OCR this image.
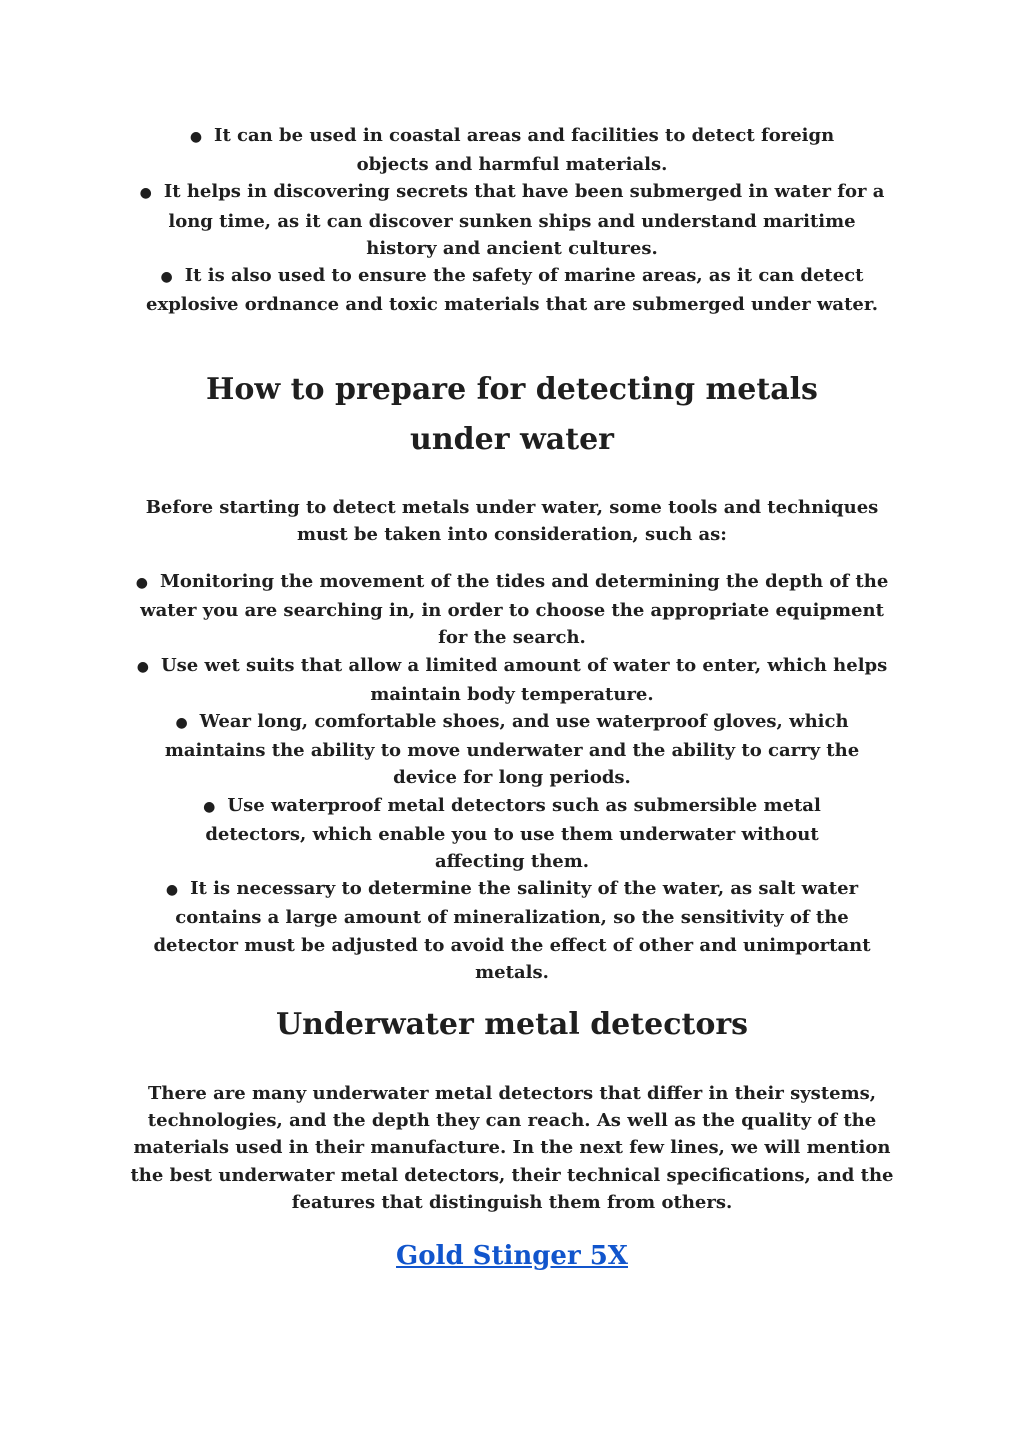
● It can be used in coastal areas and facilities to detect foreign objects and harmful materials.
● It helps in discovering secrets that have been submerged in water for a long time, as it can discover sunken ships and understand maritime history and ancient cultures.
● It is also used to ensure the safety of marine areas, as it can detect explosive ordnance and toxic materials that are submerged under water.
How to prepare for detecting metals under water

Before starting to detect metals under water, some tools and techniques must be taken into consideration, such as:

● Monitoring the movement of the tides and determining the depth of the water you are searching in, in order to choose the appropriate equipment for the search.
● Use wet suits that allow a limited amount of water to enter, which helps maintain body temperature.
● Wear long, comfortable shoes, and use waterproof gloves, which maintains the ability to move underwater and the ability to carry the device for long periods.
● Use waterproof metal detectors such as submersible metal detectors, which enable you to use them underwater without affecting them.
● It is necessary to determine the salinity of the water, as salt water contains a large amount of mineralization, so the sensitivity of the detector must be adjusted to avoid the effect of other and unimportant metals.
Underwater metal detectors

There are many underwater metal detectors that differ in their systems, technologies, and the depth they can reach. As well as the quality of the materials used in their manufacture. In the next few lines, we will mention the best underwater metal detectors, their technical specifications, and the features that distinguish them from others.

Gold Stinger 5X
